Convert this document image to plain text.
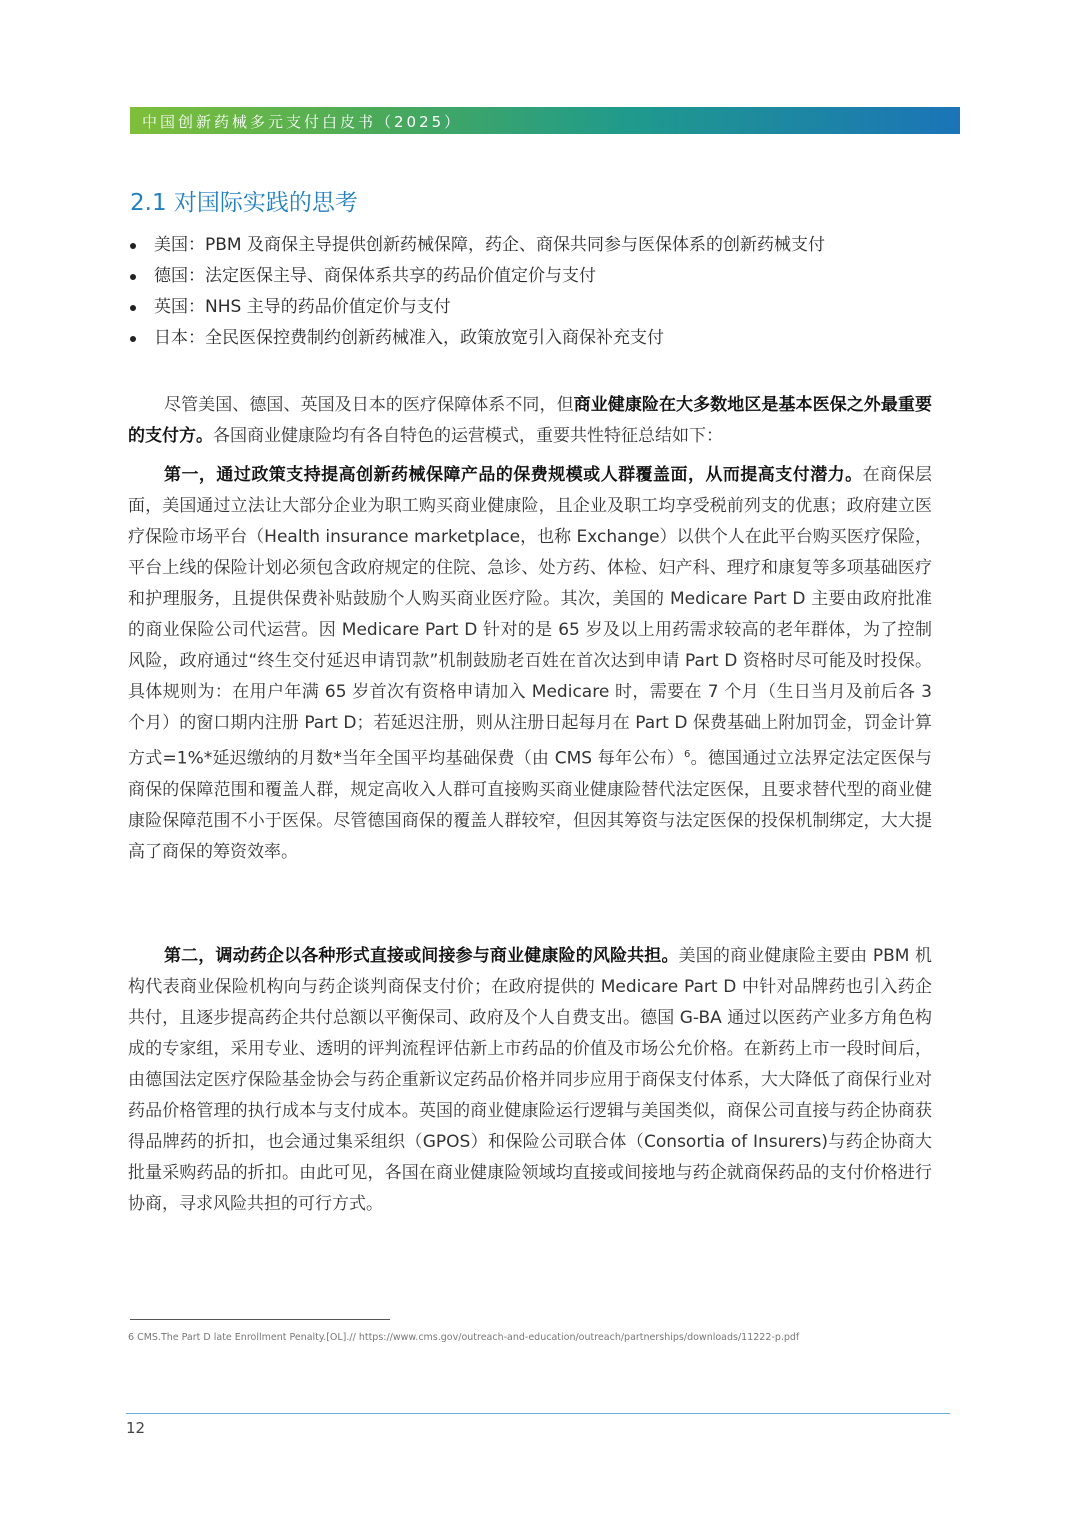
中国创新药械多元支付白皮书（2025）
2.1 对国际实践的思考
美国：PBM 及商保主导提供创新药械保障，药企、商保共同参与医保体系的创新药械支付
德国：法定医保主导、商保体系共享的药品价值定价与支付
英国：NHS 主导的药品价值定价与支付
日本：全民医保控费制约创新药械准入，政策放宽引入商保补充支付

尽管美国、德国、英国及日本的医疗保障体系不同，但商业健康险在大多数地区是基本医保之外最重要的支付方。各国商业健康险均有各自特色的运营模式，重要共性特征总结如下：

第一，通过政策支持提高创新药械保障产品的保费规模或人群覆盖面，从而提高支付潜力。在商保层面，美国通过立法让大部分企业为职工购买商业健康险，且企业及职工均享受税前列支的优惠；政府建立医疗保险市场平台（Health insurance marketplace，也称 Exchange）以供个人在此平台购买医疗保险，平台上线的保险计划必须包含政府规定的住院、急诊、处方药、体检、妇产科、理疗和康复等多项基础医疗和护理服务，且提供保费补贴鼓励个人购买商业医疗险。其次，美国的 Medicare Part D 主要由政府批准的商业保险公司代运营。因 Medicare Part D 针对的是 65 岁及以上用药需求较高的老年群体，为了控制风险，政府通过“终生交付延迟申请罚款”机制鼓励老百姓在首次达到申请 Part D 资格时尽可能及时投保。具体规则为：在用户年满 65 岁首次有资格申请加入 Medicare 时，需要在 7 个月（生日当月及前后各 3 个月）的窗口期内注册 Part D；若延迟注册，则从注册日起每月在 Part D 保费基础上附加罚金，罚金计算方式=1%*延迟缴纳的月数*当年全国平均基础保费（由 CMS 每年公布）$^6$。德国通过立法界定法定医保与商保的保障范围和覆盖人群，规定高收入人群可直接购买商业健康险替代法定医保，且要求替代型的商业健康险保障范围不小于医保。尽管德国商保的覆盖人群较窄，但因其筹资与法定医保的投保机制绑定，大大提高了商保的筹资效率。

第二，调动药企以各种形式直接或间接参与商业健康险的风险共担。美国的商业健康险主要由 PBM 机构代表商业保险机构向与药企谈判商保支付价；在政府提供的 Medicare Part D 中针对品牌药也引入药企共付，且逐步提高药企共付总额以平衡保司、政府及个人自费支出。德国 G-BA 通过以医药产业多方角色构成的专家组，采用专业、透明的评判流程评估新上市药品的价值及市场公允价格。在新药上市一段时间后，由德国法定医疗保险基金协会与药企重新议定药品价格并同步应用于商保支付体系，大大降低了商保行业对药品价格管理的执行成本与支付成本。英国的商业健康险运行逻辑与美国类似，商保公司直接与药企协商获得品牌药的折扣，也会通过集采组织（GPOS）和保险公司联合体（Consortia of Insurers)与药企协商大批量采购药品的折扣。由此可见，各国在商业健康险领域均直接或间接地与药企就商保药品的支付价格进行协商，寻求风险共担的可行方式。

6 CMS.The Part D late Enrollment Penalty.[OL].// https://www.cms.gov/outreach-and-education/outreach/partnerships/downloads/11222-p.pdf
12
